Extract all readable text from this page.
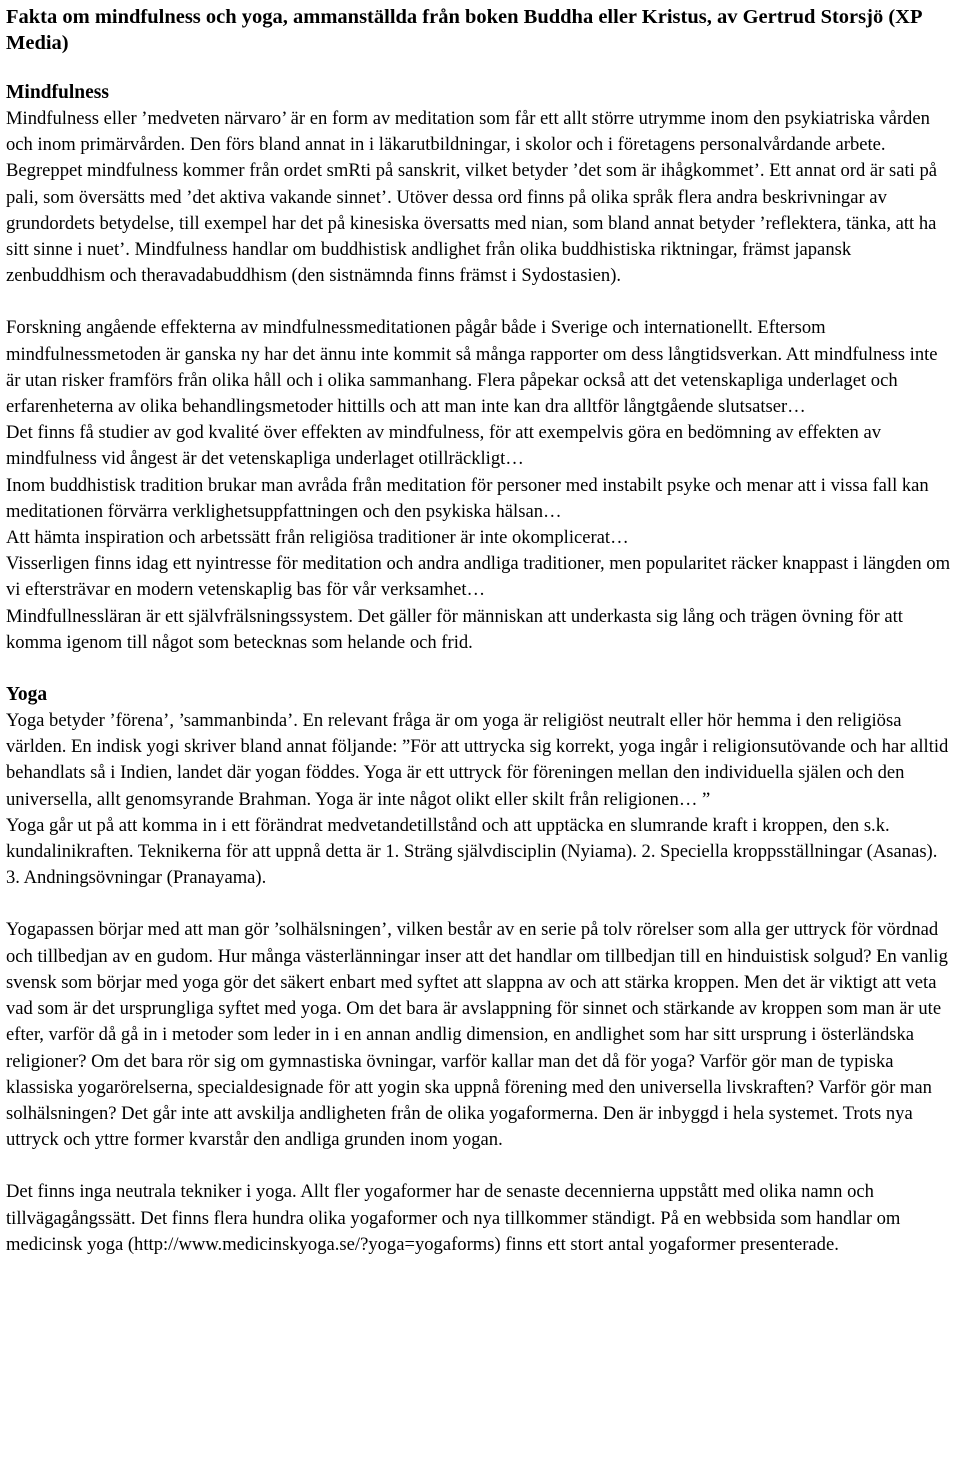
Fakta om mindfulness och yoga, ammanställda från boken Buddha eller Kristus, av Gertrud Storsjö (XP Media)
Mindfulness

Mindfulness eller ’medveten närvaro’ är en form av meditation som får ett allt större utrymme inom den psykiatriska vården och inom primärvården. Den förs bland annat in i läkarutbildningar, i skolor och i företagens personalvårdande arbete. Begreppet mindfulness kommer från ordet smRti på sanskrit, vilket betyder ’det som är ihågkommet’. Ett annat ord är sati på pali, som översätts med ’det aktiva vakande sinnet’. Utöver dessa ord finns på olika språk flera andra beskrivningar av grundordets betydelse, till exempel har det på kinesiska översatts med nian, som bland annat betyder ’reflektera, tänka, att ha sitt sinne i nuet’. Mindfulness handlar om buddhistisk andlighet från olika buddhistiska riktningar, främst japansk zenbuddhism och theravadabuddhism (den sistnämnda finns främst i Sydostasien).

Forskning angående effekterna av mindfulnessmeditationen pågår både i Sverige och internationellt. Eftersom mindfulnessmetoden är ganska ny har det ännu inte kommit så många rapporter om dess långtidsverkan. Att mindfulness inte är utan risker framförs från olika håll och i olika sammanhang. Flera påpekar också att det vetenskapliga underlaget och erfarenheterna av olika behandlingsmetoder hittills och att man inte kan dra alltför långtgående slutsatser…

Det finns få studier av god kvalité över effekten av mindfulness, för att exempelvis göra en bedömning av effekten av mindfulness vid ångest är det vetenskapliga underlaget otillräckligt…

Inom buddhistisk tradition brukar man avråda från meditation för personer med instabilt psyke och menar att i vissa fall kan meditationen förvärra verklighetsuppfattningen och den psykiska hälsan…

Att hämta inspiration och arbetssätt från religiösa traditioner är inte okomplicerat…

Visserligen finns idag ett nyintresse för meditation och andra andliga traditioner, men popularitet räcker knappast i längden om vi eftersträvar en modern vetenskaplig bas för vår verksamhet…

Mindfullnessläran är ett självfrälsningssystem. Det gäller för människan att underkasta sig lång och trägen övning för att komma igenom till något som betecknas som helande och frid.

Yoga

Yoga betyder ’förena’, ’sammanbinda’. En relevant fråga är om yoga är religiöst neutralt eller hör hemma i den religiösa världen. En indisk yogi skriver bland annat följande: ”För att uttrycka sig korrekt, yoga ingår i religionsutövande och har alltid behandlats så i Indien, landet där yogan föddes. Yoga är ett uttryck för föreningen mellan den individuella själen och den universella, allt genomsyrande Brahman. Yoga är inte något olikt eller skilt från religionen… ”

Yoga går ut på att komma in i ett förändrat medvetandetillstånd och att upptäcka en slumrande kraft i kroppen, den s.k. kundalinikraften. Teknikerna för att uppnå detta är 1. Sträng självdisciplin (Nyiama). 2. Speciella kroppsställningar (Asanas). 3. Andningsövningar (Pranayama).

Yogapassen börjar med att man gör ’solhälsningen’, vilken består av en serie på tolv rörelser som alla ger uttryck för vördnad och tillbedjan av en gudom. Hur många västerlänningar inser att det handlar om tillbedjan till en hinduistisk solgud? En vanlig svensk som börjar med yoga gör det säkert enbart med syftet att slappna av och att stärka kroppen. Men det är viktigt att veta vad som är det ursprungliga syftet med yoga. Om det bara är avslappning för sinnet och stärkande av kroppen som man är ute efter, varför då gå in i metoder som leder in i en annan andlig dimension, en andlighet som har sitt ursprung i österländska religioner? Om det bara rör sig om gymnastiska övningar, varför kallar man det då för yoga? Varför gör man de typiska klassiska yogarörelserna, specialdesignade för att yogin ska uppnå förening med den universella livskraften? Varför gör man solhälsningen? Det går inte att avskilja andligheten från de olika yogaformerna. Den är inbyggd i hela systemet. Trots nya uttryck och yttre former kvarstår den andliga grunden inom yogan.

Det finns inga neutrala tekniker i yoga. Allt fler yogaformer har de senaste decennierna uppstått med olika namn och tillvägagångssätt. Det finns flera hundra olika yogaformer och nya tillkommer ständigt. På en webbsida som handlar om medicinsk yoga (http://www.medicinskyoga.se/?yoga=yogaforms) finns ett stort antal yogaformer presenterade.
